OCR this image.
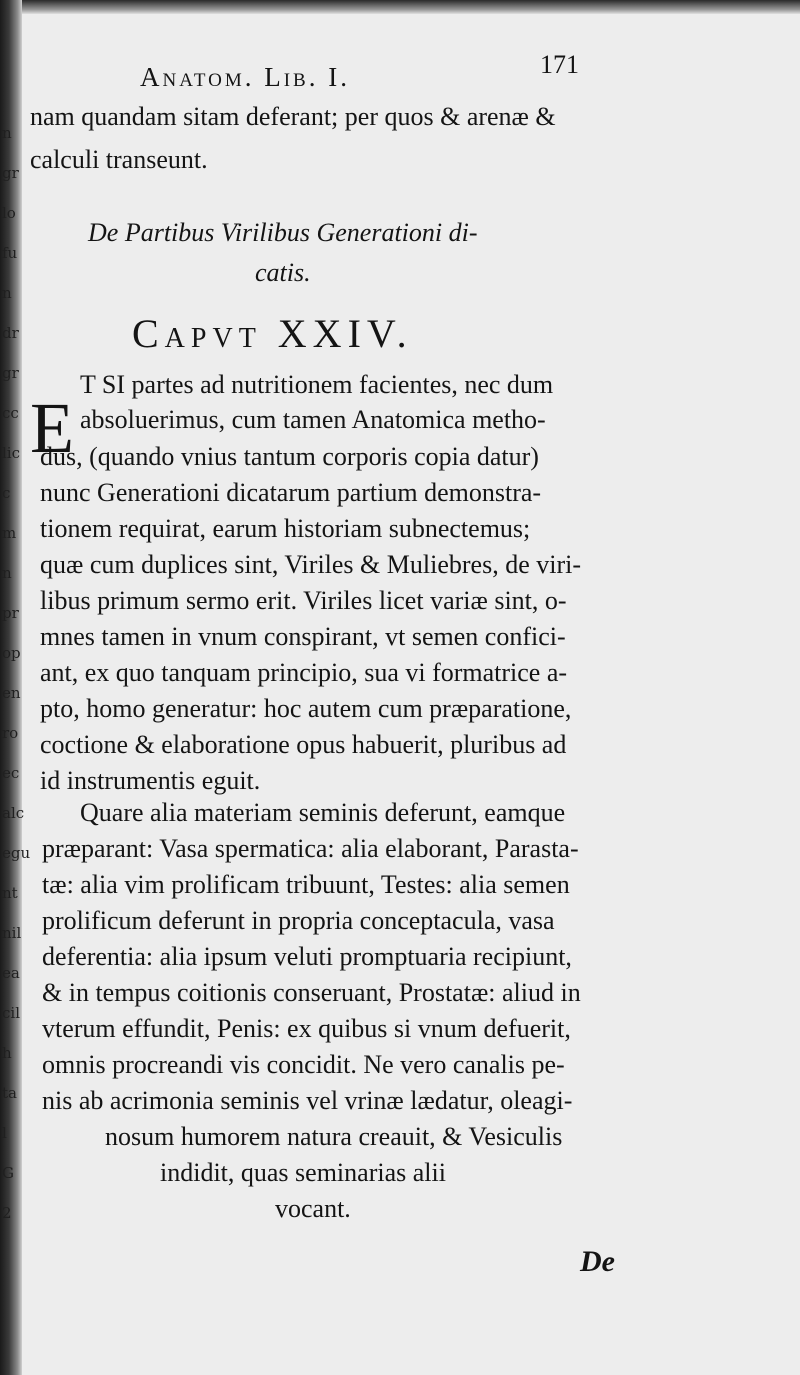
n
gr
lo
fu
n
dr
gr
cc
lic
c
m
n
pr
op
en
ro
ec
alc
egu
nt
nil
ea
cil
h
ta
l
G
2
Anatom. Lib. I.	171
nam quandam sitam deferant; per quos & arenæ &
calculi transeunt.
De Partibus Virilibus Generationi di-
catis.
Capvt XXIV.
E
T SI partes ad nutritionem facientes, nec dum
absoluerimus, cum tamen Anatomica metho-
dus, (quando vnius tantum corporis copia datur)
nunc Generationi dicatarum partium demonstra-
tionem requirat, earum historiam subnectemus;
quæ cum duplices sint, Viriles & Muliebres, de viri-
libus primum sermo erit. Viriles licet variæ sint, o-
mnes tamen in vnum conspirant, vt semen confici-
ant, ex quo tanquam principio, sua vi formatrice a-
pto, homo generatur: hoc autem cum præparatione,
coctione & elaboratione opus habuerit, pluribus ad
id instrumentis eguit.
Quare alia materiam seminis deferunt, eamque
præparant: Vasa spermatica: alia elaborant, Parasta-
tæ: alia vim prolificam tribuunt, Testes: alia semen
prolificum deferunt in propria conceptacula, vasa
deferentia: alia ipsum veluti promptuaria recipiunt,
& in tempus coitionis conseruant, Prostatæ: aliud in
vterum effundit, Penis: ex quibus si vnum defuerit,
omnis procreandi vis concidit. Ne vero canalis pe-
nis ab acrimonia seminis vel vrinæ lædatur, oleagi-
nosum humorem natura creauit, & Vesiculis
indidit, quas seminarias alii
vocant.
De
